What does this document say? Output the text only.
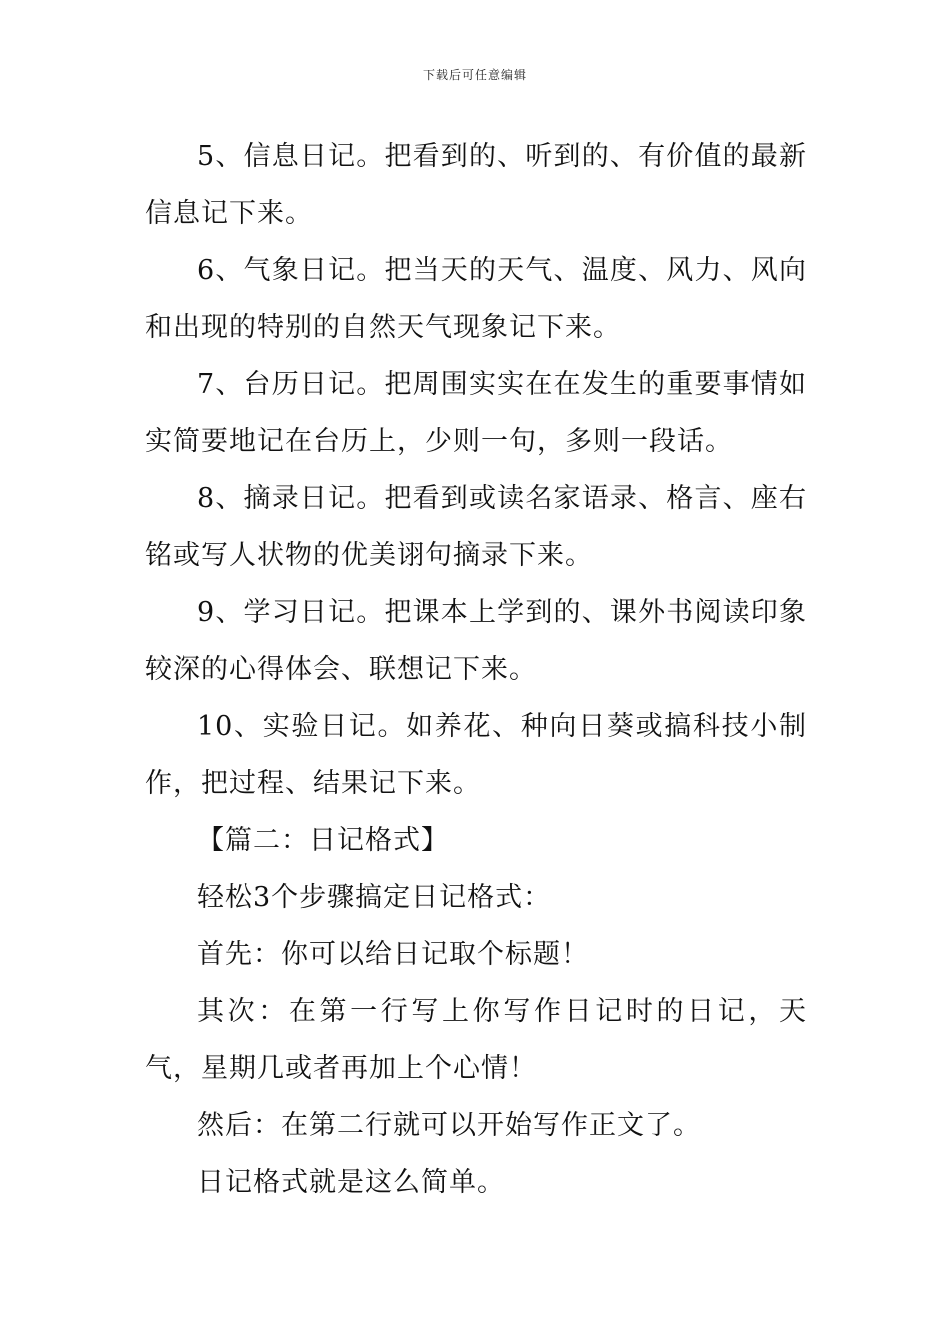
下载后可任意编辑

5、信息日记。把看到的、听到的、有价值的最新信息记下来。

6、气象日记。把当天的天气、温度、风力、风向和出现的特别的自然天气现象记下来。

7、台历日记。把周围实实在在发生的重要事情如实简要地记在台历上，少则一句，多则一段话。

8、摘录日记。把看到或读名家语录、格言、座右铭或写人状物的优美诩句摘录下来。

9、学习日记。把课本上学到的、课外书阅读印象较深的心得体会、联想记下来。

10、实验日记。如养花、种向日葵或搞科技小制作，把过程、结果记下来。

【篇二：日记格式】

轻松3个步骤搞定日记格式：

首先：你可以给日记取个标题！

其次：在第一行写上你写作日记时的日记，天气，星期几或者再加上个心情！

然后：在第二行就可以开始写作正文了。

日记格式就是这么简单。
